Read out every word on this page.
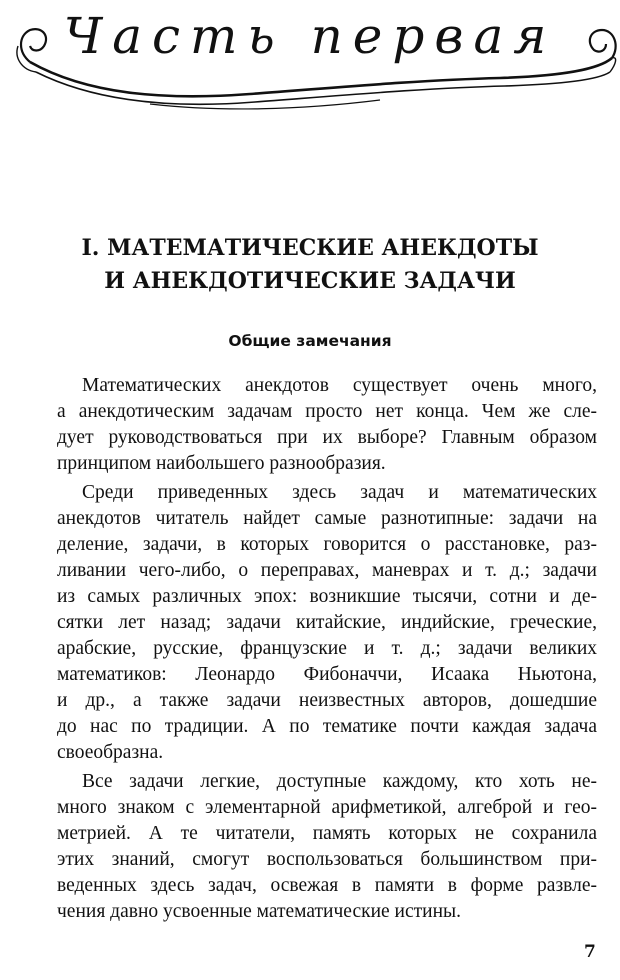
Часть первая
I. МАТЕМАТИЧЕСКИЕ АНЕКДОТЫ
И АНЕКДОТИЧЕСКИЕ ЗАДАЧИ
Общие замечания
Математических анекдотов существует очень много,
а анекдотическим задачам просто нет конца. Чем же сле-
дует руководствоваться при их выборе? Главным образом
принципом наибольшего разнообразия.
Среди приведенных здесь задач и математических
анекдотов читатель найдет самые разнотипные: задачи на
деление, задачи, в которых говорится о расстановке, раз-
ливании чего-либо, о переправах, маневрах и т. д.; задачи
из самых различных эпох: возникшие тысячи, сотни и де-
сятки лет назад; задачи китайские, индийские, греческие,
арабские, русские, французские и т. д.; задачи великих
математиков: Леонардо Фибоначчи, Исаака Ньютона,
и др., а также задачи неизвестных авторов, дошедшие
до нас по традиции. А по тематике почти каждая задача
своеобразна.
Все задачи легкие, доступные каждому, кто хоть не-
много знаком с элементарной арифметикой, алгеброй и гео-
метрией. А те читатели, память которых не сохранила
этих знаний, смогут воспользоваться большинством при-
веденных здесь задач, освежая в памяти в форме развле-
чения давно усвоенные математические истины.
7
